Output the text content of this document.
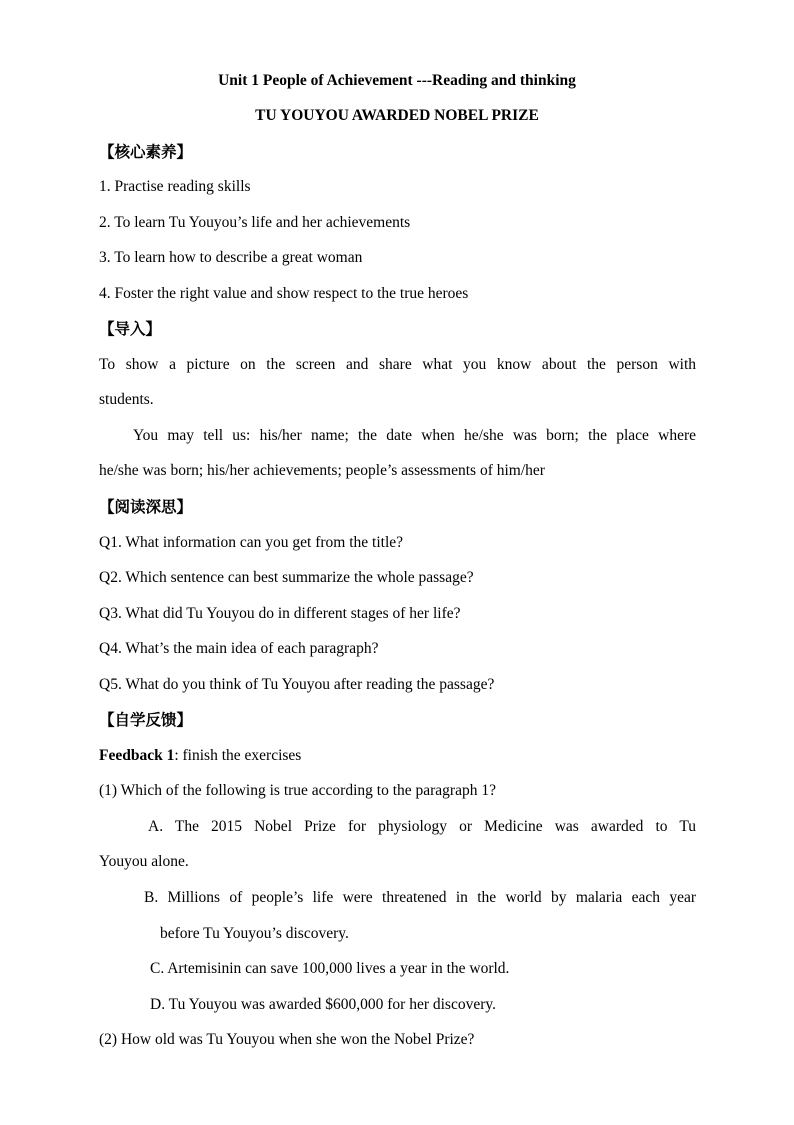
Unit 1 People of Achievement ---Reading and thinking
TU YOUYOU AWARDED NOBEL PRIZE
【核心素养】
1. Practise reading skills
2. To learn Tu Youyou’s life and her achievements
3. To learn how to describe a great woman
4. Foster the right value and show respect to the true heroes
【导入】
To show a picture on the screen and share what you know about the person with
students.
You may tell us: his/her name; the date when he/she was born; the place where
he/she was born; his/her achievements; people’s assessments of him/her
【阅读深思】
Q1. What information can you get from the title?
Q2. Which sentence can best summarize the whole passage?
Q3. What did Tu Youyou do in different stages of her life?
Q4. What’s the main idea of each paragraph?
Q5. What do you think of Tu Youyou after reading the passage?
【自学反馈】
Feedback 1: finish the exercises
(1) Which of the following is true according to the paragraph 1?
A. The 2015 Nobel Prize for physiology or Medicine was awarded to Tu
Youyou alone.
B. Millions of people’s life were threatened in the world by malaria each year
before Tu Youyou’s discovery.
C. Artemisinin can save 100,000 lives a year in the world.
D. Tu Youyou was awarded $600,000 for her discovery.
(2) How old was Tu Youyou when she won the Nobel Prize?
